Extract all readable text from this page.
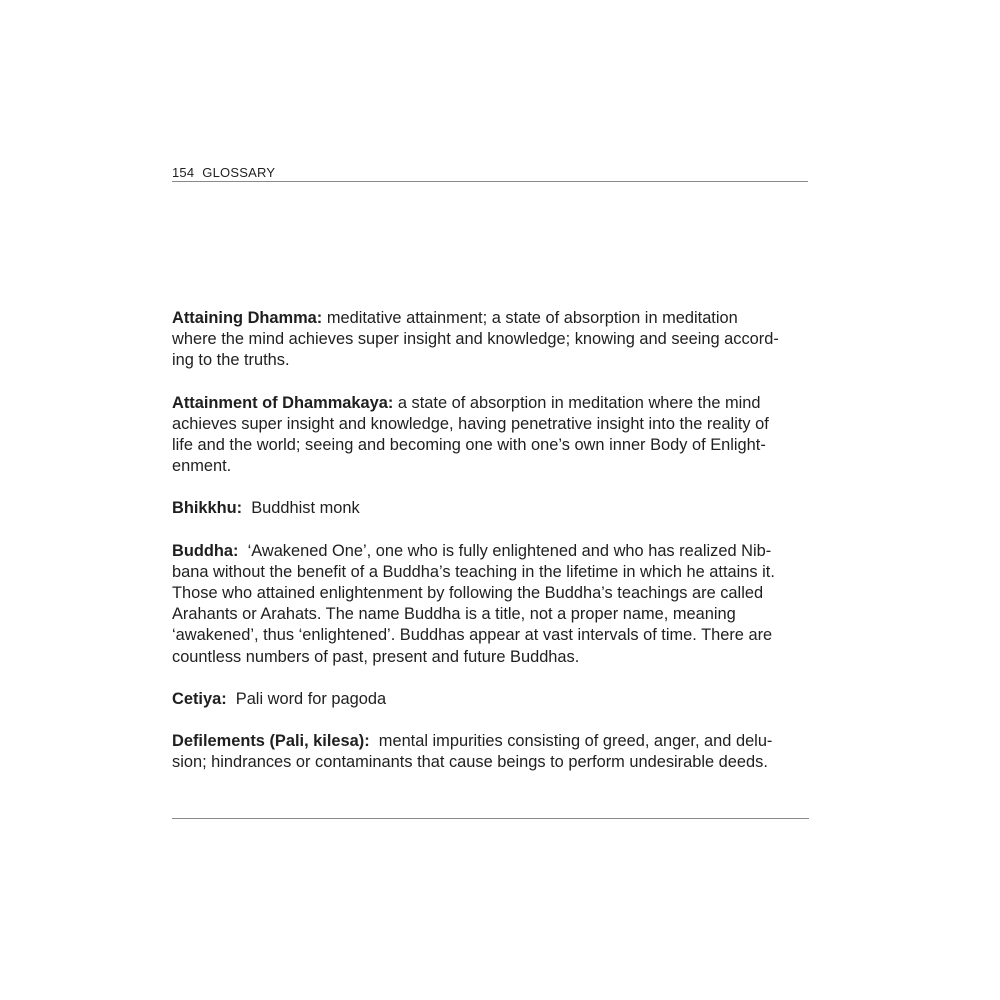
154 GLOSSARY

Attaining Dhamma: meditative attainment; a state of absorption in meditation
where the mind achieves super insight and knowledge; knowing and seeing accord-
ing to the truths.

Attainment of Dhammakaya: a state of absorption in meditation where the mind
achieves super insight and knowledge, having penetrative insight into the reality of
life and the world; seeing and becoming one with one’s own inner Body of Enlight-
enment.

Bhikkhu:  Buddhist monk

Buddha:  ‘Awakened One’, one who is fully enlightened and who has realized Nib-
bana without the benefit of a Buddha’s teaching in the lifetime in which he attains it.
Those who attained enlightenment by following the Buddha’s teachings are called
Arahants or Arahats. The name Buddha is a title, not a proper name, meaning
‘awakened’, thus ‘enlightened’. Buddhas appear at vast intervals of time. There are
countless numbers of past, present and future Buddhas.

Cetiya:  Pali word for pagoda

Defilements (Pali, kilesa):  mental impurities consisting of greed, anger, and delu-
sion; hindrances or contaminants that cause beings to perform undesirable deeds.
